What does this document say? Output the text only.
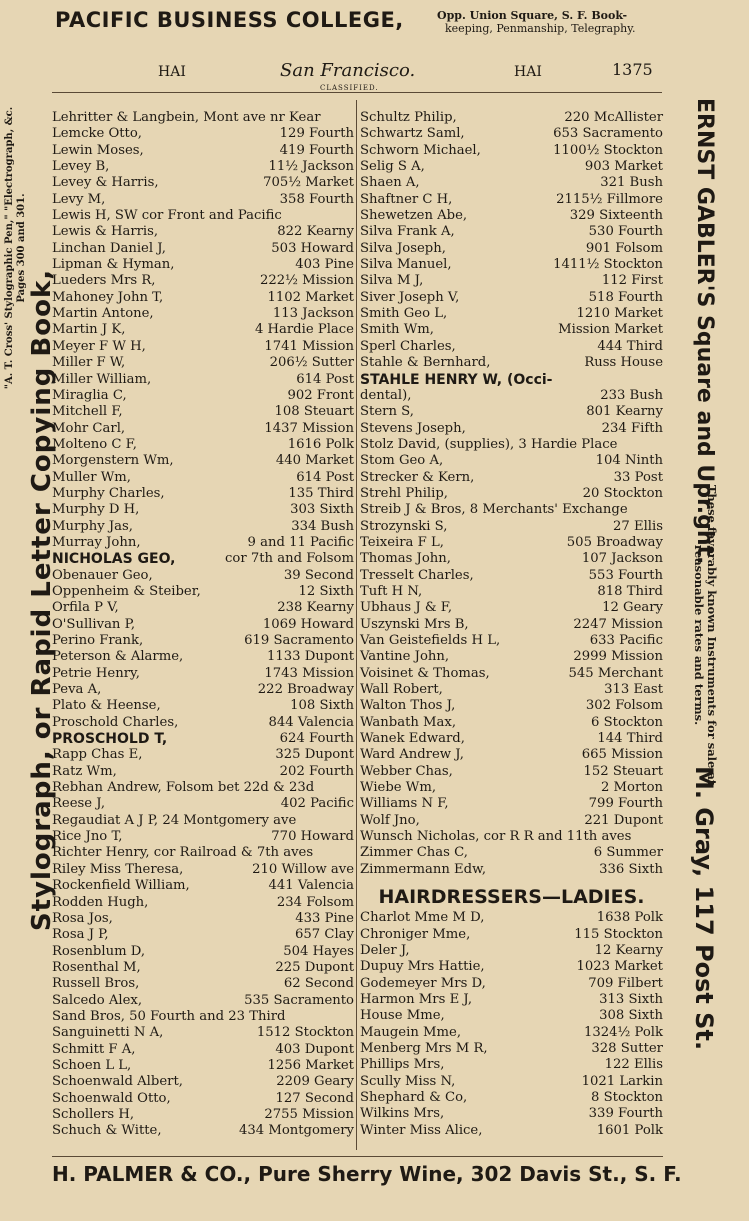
PACIFIC BUSINESS COLLEGE,	Opp. Union Square, S. F. Book-
keeping, Penmanship, Telegraphy.
HAI	San Francisco.	HAI	1375
CLASSIFIED.
Stylograph, or Rapid Letter Copying Book,
"A. T. Cross' Stylographic Pen," "Electrograph, &c. Pages 300 and 301.
Lehritter & Langbein, Mont ave nr Kear
Lemcke Otto,	129 Fourth
Lewin Moses,	419 Fourth
Levey B,	11½ Jackson
Levey & Harris,	705½ Market
Levy M,	358 Fourth
Lewis H, SW cor Front and Pacific
Lewis & Harris,	822 Kearny
Linchan Daniel J,	503 Howard
Lipman & Hyman,	403 Pine
Lueders Mrs R,	222½ Mission
Mahoney John T,	1102 Market
Martin Antone,	113 Jackson
Martin J K,	4 Hardie Place
Meyer F W H,	1741 Mission
Miller F W,	206½ Sutter
Miller William,	614 Post
Miraglia C,	902 Front
Mitchell F,	108 Steuart
Mohr Carl,	1437 Mission
Molteno C F,	1616 Polk
Morgenstern Wm,	440 Market
Muller Wm,	614 Post
Murphy Charles,	135 Third
Murphy D H,	303 Sixth
Murphy Jas,	334 Bush
Murray John,	9 and 11 Pacific
NICHOLAS GEO,	cor 7th and Folsom
Obenauer Geo,	39 Second
Oppenheim & Steiber,	12 Sixth
Orfila P V,	238 Kearny
O'Sullivan P,	1069 Howard
Perino Frank,	619 Sacramento
Peterson & Alarme,	1133 Dupont
Petrie Henry,	1743 Mission
Peva A,	222 Broadway
Plato & Heense,	108 Sixth
Proschold Charles,	844 Valencia
PROSCHOLD T,	624 Fourth
Rapp Chas E,	325 Dupont
Ratz Wm,	202 Fourth
Rebhan Andrew, Folsom bet 22d & 23d
Reese J,	402 Pacific
Regaudiat A J P, 24 Montgomery ave
Rice Jno T,	770 Howard
Richter Henry, cor Railroad & 7th aves
Riley Miss Theresa,	210 Willow ave
Rockenfield William,	441 Valencia
Rodden Hugh,	234 Folsom
Rosa Jos,	433 Pine
Rosa J P,	657 Clay
Rosenblum D,	504 Hayes
Rosenthal M,	225 Dupont
Russell Bros,	62 Second
Salcedo Alex,	535 Sacramento
Sand Bros, 50 Fourth and 23 Third
Sanguinetti N A,	1512 Stockton
Schmitt F A,	403 Dupont
Schoen L L,	1256 Market
Schoenwald Albert,	2209 Geary
Schoenwald Otto,	127 Second
Schollers H,	2755 Mission
Schuch & Witte,	434 Montgomery
Schultz Philip,	220 McAllister
Schwartz Saml,	653 Sacramento
Schworn Michael,	1100½ Stockton
Selig S A,	903 Market
Shaen A,	321 Bush
Shaftner C H,	2115½ Fillmore
Shewetzen Abe,	329 Sixteenth
Silva Frank A,	530 Fourth
Silva Joseph,	901 Folsom
Silva Manuel,	1411½ Stockton
Silva M J,	112 First
Siver Joseph V,	518 Fourth
Smith Geo L,	1210 Market
Smith Wm,	Mission Market
Sperl Charles,	444 Third
Stahle & Bernhard,	Russ House
STAHLE HENRY W, (Occi-
dental),	233 Bush
Stern S,	801 Kearny
Stevens Joseph,	234 Fifth
Stolz David, (supplies), 3 Hardie Place
Stom Geo A,	104 Ninth
Strecker & Kern,	33 Post
Strehl Philip,	20 Stockton
Streib J & Bros, 8 Merchants' Exchange
Strozynski S,	27 Ellis
Teixeira F L,	505 Broadway
Thomas John,	107 Jackson
Tresselt Charles,	553 Fourth
Tuft H N,	818 Third
Ubhaus J & F,	12 Geary
Uszynski Mrs B,	2247 Mission
Van Geistefields H L,	633 Pacific
Vantine John,	2999 Mission
Voisinet & Thomas,	545 Merchant
Wall Robert,	313 East
Walton Thos J,	302 Folsom
Wanbath Max,	6 Stockton
Wanek Edward,	144 Third
Ward Andrew J,	665 Mission
Webber Chas,	152 Steuart
Wiebe Wm,	2 Morton
Williams N F,	799 Fourth
Wolf Jno,	221 Dupont
Wunsch Nicholas, cor R R and 11th aves
Zimmer Chas C,	6 Summer
Zimmermann Edw,	336 Sixth
HAIRDRESSERS—LADIES.
Charlot Mme M D,	1638 Polk
Chroniger Mme,	115 Stockton
Deler J,	12 Kearny
Dupuy Mrs Hattie,	1023 Market
Godemeyer Mrs D,	709 Filbert
Harmon Mrs E J,	313 Sixth
House Mme,	308 Sixth
Maugein Mme,	1324½ Polk
Menberg Mrs M R,	328 Sutter
Phillips Mrs,	122 Ellis
Scully Miss N,	1021 Larkin
Shephard & Co,	8 Stockton
Wilkins Mrs,	339 Fourth
Winter Miss Alice,	1601 Polk
ERNST GABLER'S Square and Upr.ght.
These favorably known Instruments for sale at reasonable rates and terms.
M. Gray, 117 Post St.
H. PALMER & CO., Pure Sherry Wine, 302 Davis St., S. F.
